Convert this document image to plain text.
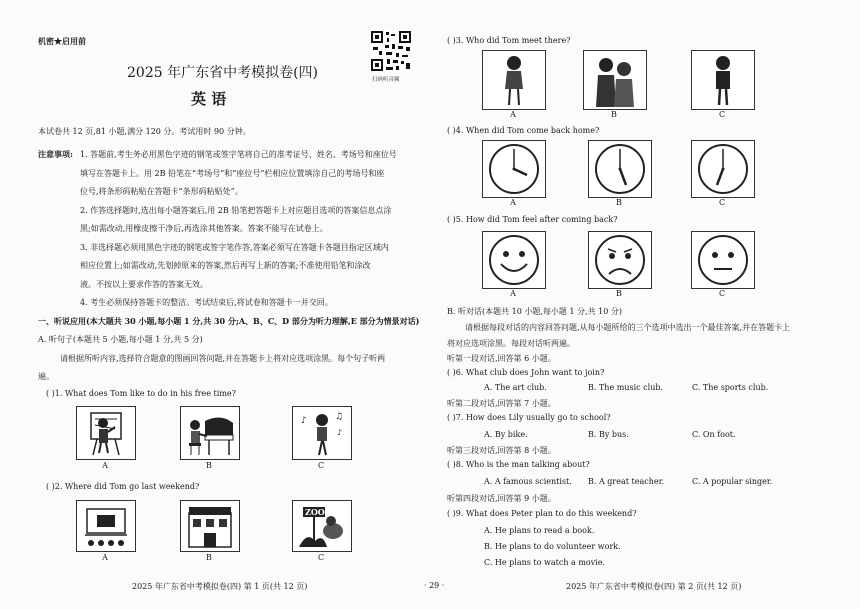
机密★启用前
扫码听音频
2025 年广东省中考模拟卷(四)
英 语
本试卷共 12 页,81 小题,满分 120 分。考试用时 90 分钟。
注意事项: 1. 答题前,考生务必用黑色字迹的钢笔或签字笔将自己的准考证号、姓名、考场号和座位号
填写在答题卡上。用 2B 铅笔在“考场号”和“座位号”栏相应位置填涂自己的考场号和座
位号,将条形码粘贴在答题卡“条形码粘贴处”。
2. 作答选择题时,选出每小题答案后,用 2B 铅笔把答题卡上对应题目选项的答案信息点涂
黑;如需改动,用橡皮擦干净后,再选涂其他答案。答案不能写在试卷上。
3. 非选择题必须用黑色字迹的钢笔或签字笔作答,答案必须写在答题卡各题目指定区域内
相应位置上;如需改动,先划掉原来的答案,然后再写上新的答案;不准使用铅笔和涂改
液。不按以上要求作答的答案无效。
4. 考生必须保持答题卡的整洁。考试结束后,将试卷和答题卡一并交回。
一、听说应用(本大题共 30 小题,每小题 1 分,共 30 分;A、B、C、D 部分为听力理解,E 部分为情景对话)
A. 听句子(本题共 5 小题,每小题 1 分,共 5 分)
请根据所听内容,选择符合题意的图画回答问题,并在答题卡上将对应选项涂黑。每个句子听两
遍。
( )1. What does Tom like to do in his free time?
A	B
♪	♫
♪
C
( )2. Where did Tom go last weekend?
A	B
ZOO
C
2025 年广东省中考模拟卷(四) 第 1 页(共 12 页)	· 29 ·
( )3. Who did Tom meet there?
A	B	C
( )4. When did Tom come back home?
A	B	C
( )5. How did Tom feel after coming back?
A	B	C
B. 听对话(本题共 10 小题,每小题 1 分,共 10 分)
请根据每段对话的内容回答问题,从每小题所给的三个选项中选出一个最佳答案,并在答题卡上
将对应选项涂黑。每段对话听两遍。
听第一段对话,回答第 6 小题。
( )6. What club does John want to join?
A. The art club.	B. The music club.	C. The sports club.
听第二段对话,回答第 7 小题。
( )7. How does Lily usually go to school?
A. By bike.	B. By bus.	C. On foot.
听第三段对话,回答第 8 小题。
( )8. Who is the man talking about?
A. A famous scientist. B. A great teacher.	C. A popular singer.
听第四段对话,回答第 9 小题。
( )9. What does Peter plan to do this weekend?
A. He plans to read a book.
B. He plans to do volunteer work.
C. He plans to watch a movie.
2025 年广东省中考模拟卷(四) 第 2 页(共 12 页)
